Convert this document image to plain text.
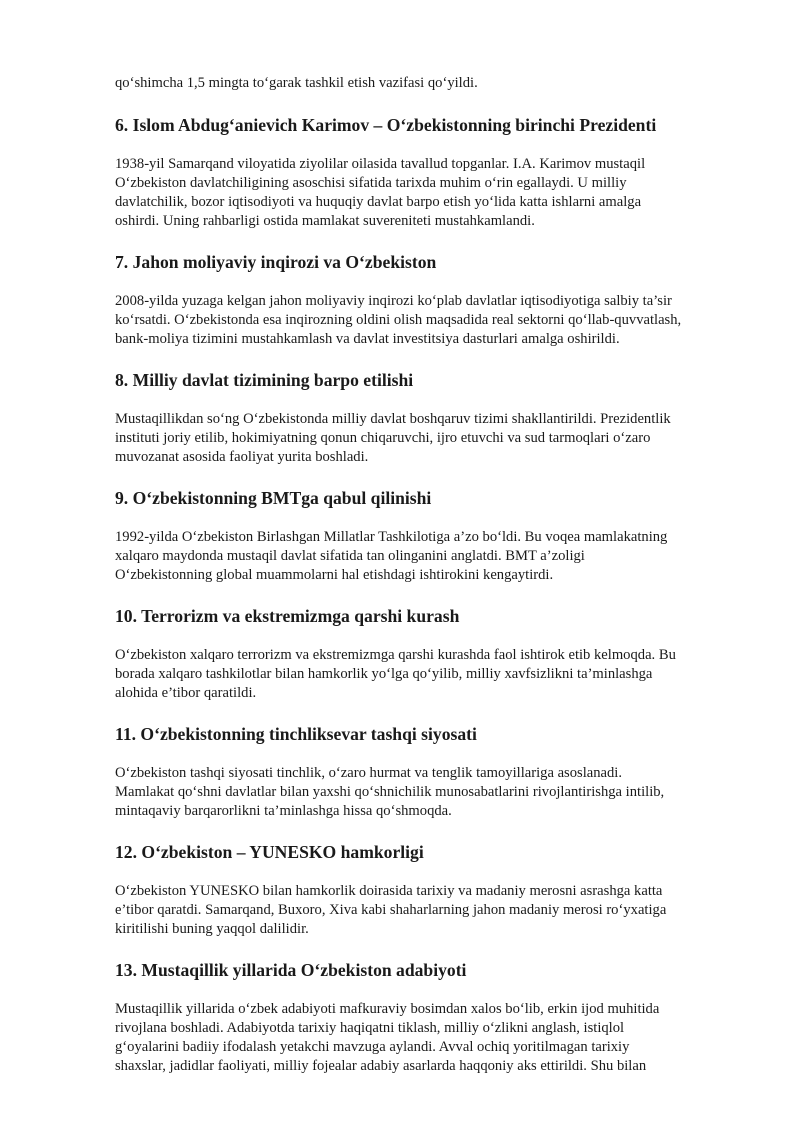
qo‘shimcha 1,5 mingta to‘garak tashkil etish vazifasi qo‘yildi.

6. Islom Abdug‘anievich Karimov – O‘zbekistonning birinchi Prezidenti

1938-yil Samarqand viloyatida ziyolilar oilasida tavallud topganlar. I.A. Karimov mustaqil
O‘zbekiston davlatchiligining asoschisi sifatida tarixda muhim o‘rin egallaydi. U milliy
davlatchilik, bozor iqtisodiyoti va huquqiy davlat barpo etish yo‘lida katta ishlarni amalga
oshirdi. Uning rahbarligi ostida mamlakat suvereniteti mustahkamlandi.

7. Jahon moliyaviy inqirozi va O‘zbekiston

2008-yilda yuzaga kelgan jahon moliyaviy inqirozi ko‘plab davlatlar iqtisodiyotiga salbiy ta’sir
ko‘rsatdi. O‘zbekistonda esa inqirozning oldini olish maqsadida real sektorni qo‘llab-quvvatlash,
bank-moliya tizimini mustahkamlash va davlat investitsiya dasturlari amalga oshirildi.

8. Milliy davlat tizimining barpo etilishi

Mustaqillikdan so‘ng O‘zbekistonda milliy davlat boshqaruv tizimi shakllantirildi. Prezidentlik
instituti joriy etilib, hokimiyatning qonun chiqaruvchi, ijro etuvchi va sud tarmoqlari o‘zaro
muvozanat asosida faoliyat yurita boshladi.

9. O‘zbekistonning BMTga qabul qilinishi

1992-yilda O‘zbekiston Birlashgan Millatlar Tashkilotiga a’zo bo‘ldi. Bu voqea mamlakatning
xalqaro maydonda mustaqil davlat sifatida tan olinganini anglatdi. BMT a’zoligi
O‘zbekistonning global muammolarni hal etishdagi ishtirokini kengaytirdi.

10. Terrorizm va ekstremizmga qarshi kurash

O‘zbekiston xalqaro terrorizm va ekstremizmga qarshi kurashda faol ishtirok etib kelmoqda. Bu
borada xalqaro tashkilotlar bilan hamkorlik yo‘lga qo‘yilib, milliy xavfsizlikni ta’minlashga
alohida e’tibor qaratildi.

11. O‘zbekistonning tinchliksevar tashqi siyosati

O‘zbekiston tashqi siyosati tinchlik, o‘zaro hurmat va tenglik tamoyillariga asoslanadi.
Mamlakat qo‘shni davlatlar bilan yaxshi qo‘shnichilik munosabatlarini rivojlantirishga intilib,
mintaqaviy barqarorlikni ta’minlashga hissa qo‘shmoqda.

12. O‘zbekiston – YUNESKO hamkorligi

O‘zbekiston YUNESKO bilan hamkorlik doirasida tarixiy va madaniy merosni asrashga katta
e’tibor qaratdi. Samarqand, Buxoro, Xiva kabi shaharlarning jahon madaniy merosi ro‘yxatiga
kiritilishi buning yaqqol dalilidir.

13. Mustaqillik yillarida O‘zbekiston adabiyoti

Mustaqillik yillarida o‘zbek adabiyoti mafkuraviy bosimdan xalos bo‘lib, erkin ijod muhitida
rivojlana boshladi. Adabiyotda tarixiy haqiqatni tiklash, milliy o‘zlikni anglash, istiqlol
g‘oyalarini badiiy ifodalash yetakchi mavzuga aylandi. Avval ochiq yoritilmagan tarixiy
shaxslar, jadidlar faoliyati, milliy fojealar adabiy asarlarda haqqoniy aks ettirildi. Shu bilan
